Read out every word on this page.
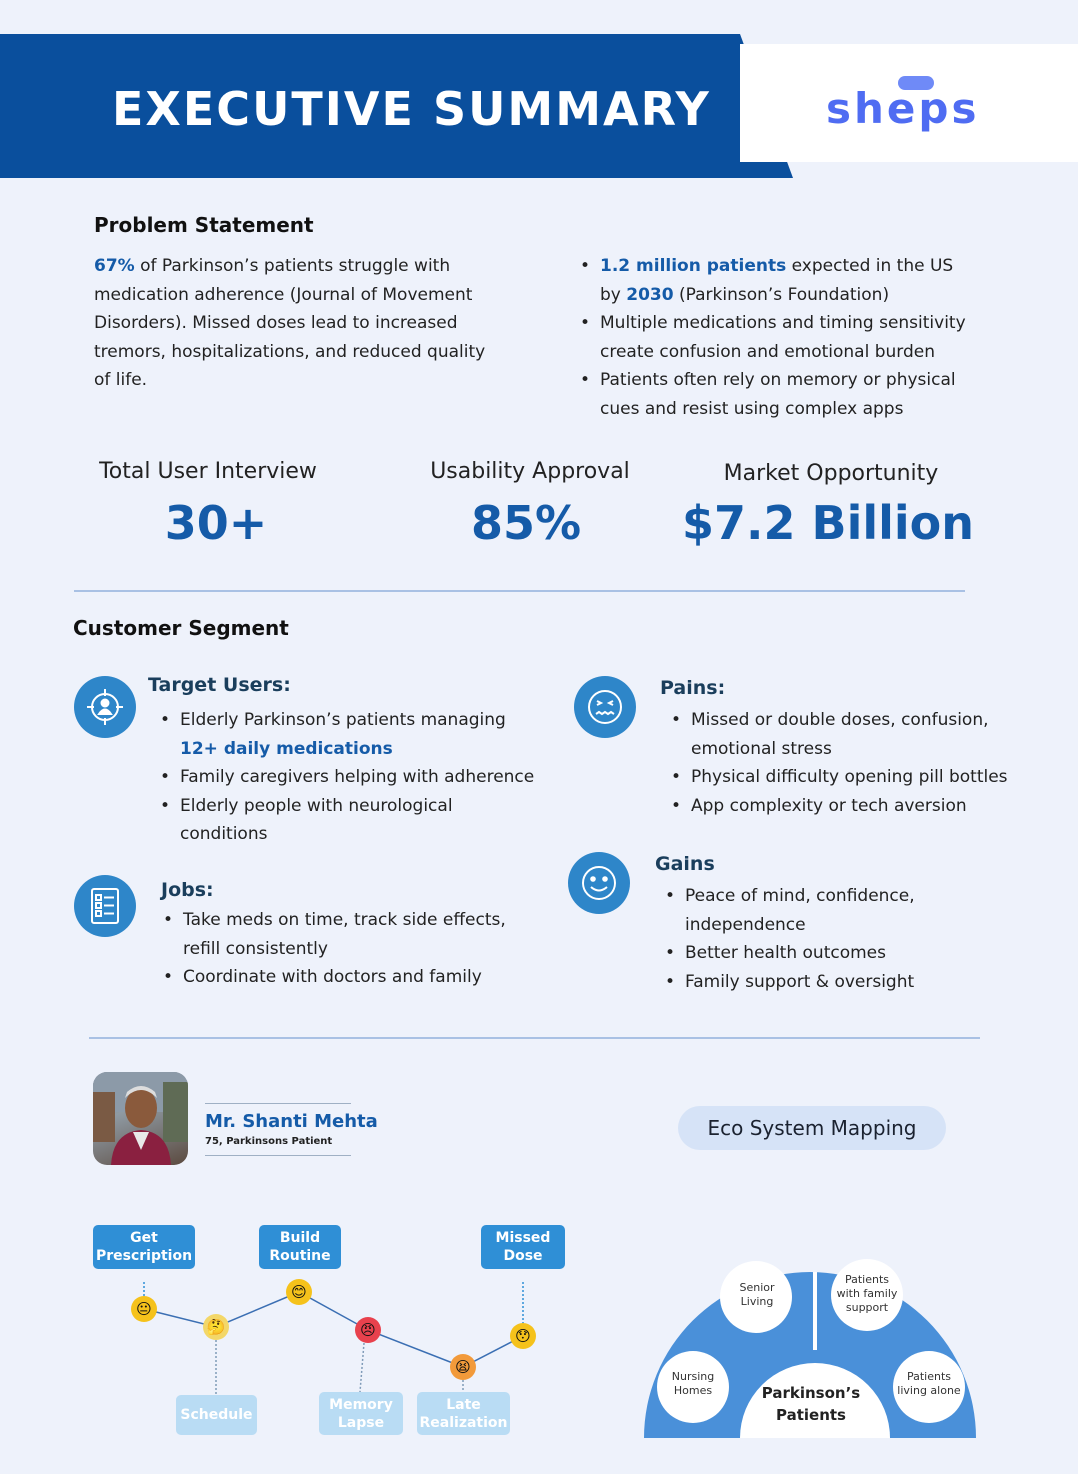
EXECUTIVE SUMMARY	sheps
Problem Statement
67% of Parkinson’s patients struggle with medication adherence (Journal of Movement Disorders). Missed doses lead to increased tremors, hospitalizations, and reduced quality of life.
• 1.2 million patients expected in the US by 2030 (Parkinson’s Foundation)
• Multiple medications and timing sensitivity create confusion and emotional burden
• Patients often rely on memory or physical cues and resist using complex apps
Total User Interview
30+
Usability Approval
85%
Market Opportunity
$7.2 Billion
Customer Segment
Target Users:
• Elderly Parkinson’s patients managing
12+ daily medications
• Family caregivers helping with adherence
• Elderly people with neurological conditions
Jobs:
• Take meds on time, track side effects, refill consistently
• Coordinate with doctors and family
Pains:
• Missed or double doses, confusion, emotional stress
• Physical difficulty opening pill bottles
• App complexity or tech aversion
Gains
• Peace of mind, confidence, independence
• Better health outcomes
• Family support & oversight
Mr. Shanti Mehta
75, Parkinsons Patient
Get Prescription
Build Routine
Missed Dose
Schedule
Memory Lapse
Late Realization
😐
🤔
😊
😠
😫
😯
Eco System Mapping
Senior Living
Patients with family support
Nursing Homes
Patients living alone
Parkinson’s Patients
